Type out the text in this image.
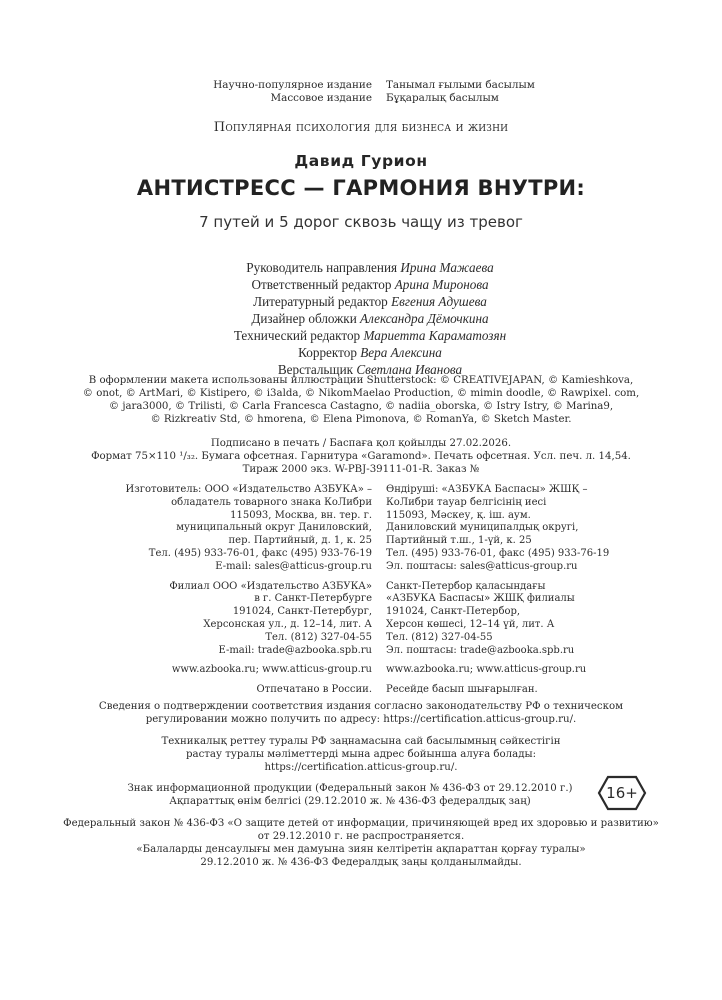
Научно-популярное издание
Массовое издание
Танымал ғылыми басылым
Бұқаралық басылым
Популярная психология для бизнеса и жизни
Давид Гурион
АНТИСТРЕСС — ГАРМОНИЯ ВНУТРИ:
7 путей и 5 дорог сквозь чащу из тревог
Руководитель направления Ирина Мажаева
Ответственный редактор Арина Миронова
Литературный редактор Евгения Адушева
Дизайнер обложки Александра Дёмочкина
Технический редактор Мариетта Караматозян
Корректор Вера Алексина
Верстальщик Светлана Иванова
В оформлении макета использованы иллюстрации Shutterstock: © CREATIVEJAPAN, © Kamieshkova,
© onot, © ArtMari, © Kistipero, © i3alda, © NikomMaelao Production, © mimin doodle, © Rawpixel. com,
© jara3000, © Trilisti, © Carla Francesca Castagno, © nadiia_oborska, © Istry Istry, © Marina9,
© Rizkreativ Std, © hmorena, © Elena Pimonova, © RomanYa, © Sketch Master.
Подписано в печать / Баспаға қол қойылды 27.02.2026.
Формат 75×110 ¹/₃₂. Бумага офсетная. Гарнитура «Garamond». Печать офсетная. Усл. печ. л. 14,54.
Тираж 2000 экз. W-PBJ-39111-01-R. Заказ №
Изготовитель: ООО «Издательство АЗБУКА» –
обладатель товарного знака КоЛибри
115093, Москва, вн. тер. г.
муниципальный округ Даниловский,
пер. Партийный, д. 1, к. 25
Тел. (495) 933-76-01, факс (495) 933-76-19
E-mail: sales@atticus-group.ru
Филиал ООО «Издательство АЗБУКА»
в г. Санкт-Петербурге
191024, Санкт-Петербург,
Херсонская ул., д. 12–14, лит. А
Тел. (812) 327-04-55
E-mail: trade@azbooka.spb.ru
www.azbooka.ru; www.atticus-group.ru
Отпечатано в России.
Өндіруші: «АЗБУКА Баспасы» ЖШҚ –
КоЛибри тауар белгісінің иесі
115093, Мәскеу, қ. іш. аум.
Даниловский муниципалдық округі,
Партийный т.ш., 1-үй, к. 25
Тел. (495) 933-76-01, факс (495) 933-76-19
Эл. поштасы: sales@atticus-group.ru
Санкт-Петербор қаласындағы
«АЗБУКА Баспасы» ЖШҚ филиалы
191024, Санкт-Петербор,
Херсон көшесі, 12–14 үй, лит. А
Тел. (812) 327-04-55
Эл. поштасы: trade@azbooka.spb.ru
www.azbooka.ru; www.atticus-group.ru
Ресейде басып шығарылған.
Сведения о подтверждении соответствия издания согласно законодательству РФ о техническом
регулировании можно получить по адресу: https://certification.atticus-group.ru/.
Техникалық реттеу туралы РФ заңнамасына сай басылымның сәйкестігін
растау туралы мәліметтерді мына адрес бойынша алуға болады:
https://certification.atticus-group.ru/.
Знак информационной продукции (Федеральный закон № 436-ФЗ от 29.12.2010 г.)
Ақпараттық өнім белгісі (29.12.2010 ж. № 436-ФЗ федералдық заң)	16+
Федеральный закон № 436-ФЗ «О защите детей от информации, причиняющей вред их здоровью и развитию»
от 29.12.2010 г. не распространяется.
«Балаларды денсаулығы мен дамуына зиян келтіретін ақпараттан қорғау туралы»
29.12.2010 ж. № 436-ФЗ Федералдық заңы қолданылмайды.
